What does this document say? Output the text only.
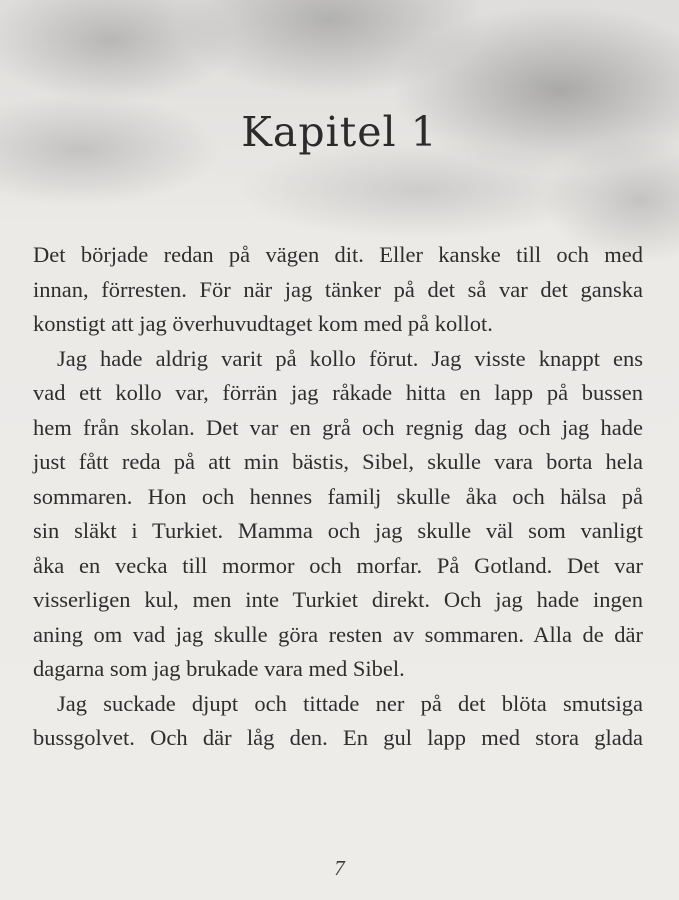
Kapitel 1
Det började redan på vägen dit. Eller kanske till och med
innan, förresten. För när jag tänker på det så var det ganska
konstigt att jag överhuvudtaget kom med på kollot.
Jag hade aldrig varit på kollo förut. Jag visste knappt ens
vad ett kollo var, förrän jag råkade hitta en lapp på bussen
hem från skolan. Det var en grå och regnig dag och jag hade
just fått reda på att min bästis, Sibel, skulle vara borta hela
sommaren. Hon och hennes familj skulle åka och hälsa på
sin släkt i Turkiet. Mamma och jag skulle väl som vanligt
åka en vecka till mormor och morfar. På Gotland. Det var
visserligen kul, men inte Turkiet direkt. Och jag hade ingen
aning om vad jag skulle göra resten av sommaren. Alla de där
dagarna som jag brukade vara med Sibel.
Jag suckade djupt och tittade ner på det blöta smutsiga
bussgolvet. Och där låg den. En gul lapp med stora glada
7
